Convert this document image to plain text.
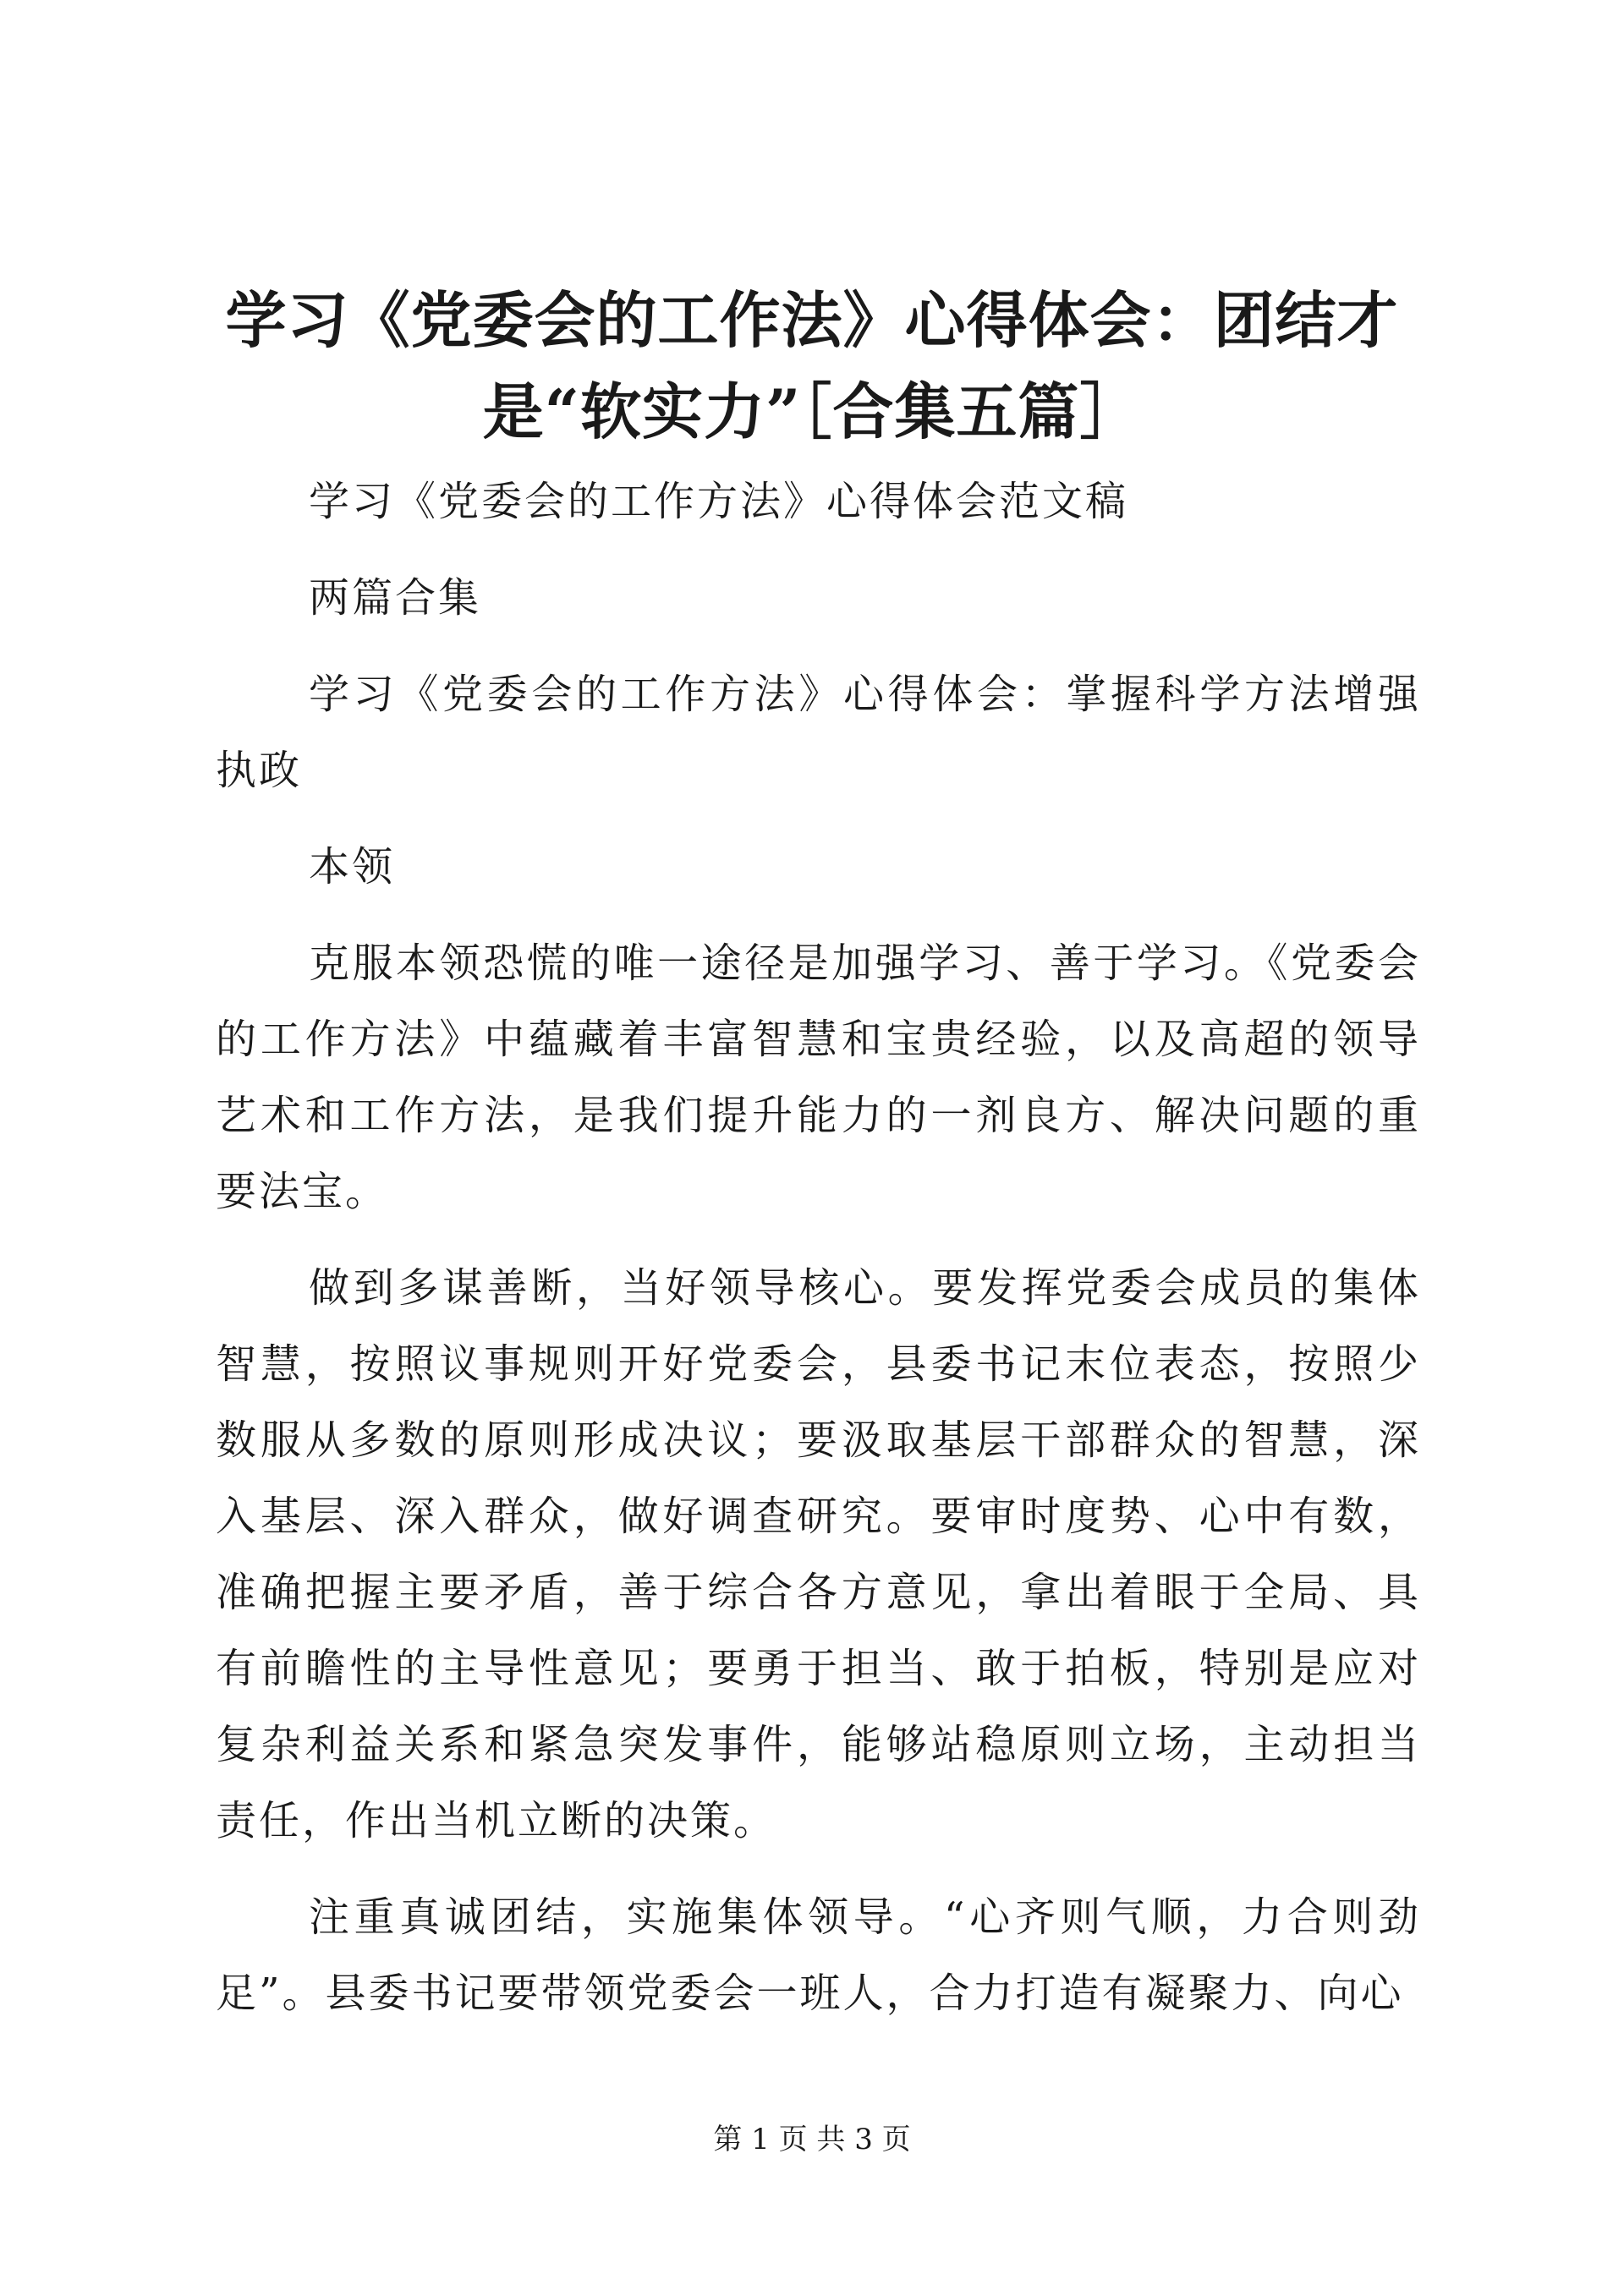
学习《党委会的工作法》心得体会：团结才是“软实力”［合集五篇］

学习《党委会的工作方法》心得体会范文稿

两篇合集

学习《党委会的工作方法》心得体会：掌握科学方法增强执政

本领

克服本领恐慌的唯一途径是加强学习、善于学习。《党委会的工作方法》中蕴藏着丰富智慧和宝贵经验，以及高超的领导艺术和工作方法，是我们提升能力的一剂良方、解决问题的重要法宝。

做到多谋善断，当好领导核心。要发挥党委会成员的集体智慧，按照议事规则开好党委会，县委书记末位表态，按照少数服从多数的原则形成决议；要汲取基层干部群众的智慧，深入基层、深入群众，做好调查研究。要审时度势、心中有数，准确把握主要矛盾，善于综合各方意见，拿出着眼于全局、具有前瞻性的主导性意见；要勇于担当、敢于拍板，特别是应对复杂利益关系和紧急突发事件，能够站稳原则立场，主动担当责任，作出当机立断的决策。

注重真诚团结，实施集体领导。“心齐则气顺，力合则劲足”。县委书记要带领党委会一班人，合力打造有凝聚力、向心

第 1 页 共 3 页
